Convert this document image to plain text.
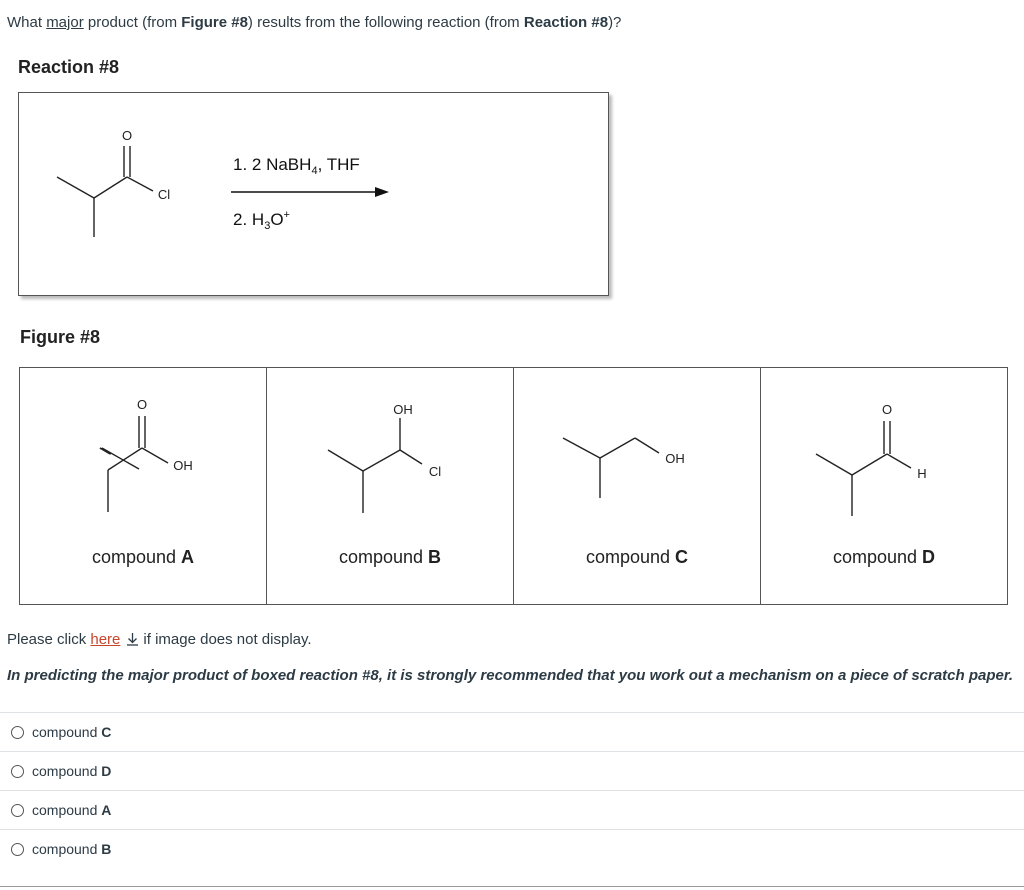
What major product (from Figure #8) results from the following reaction (from Reaction #8)?
Reaction #8
O
Cl
1. 2 NaBH$_4$, THF
2. $H_3O^+$
Figure #8
O
OH
compound A
OH
Cl
compound B
OH
compound C
O
H
compound D
Please click here if image does not display.
In predicting the major product of boxed reaction #8, it is strongly recommended that you work out a mechanism on a piece of scratch paper.
compound C
compound D
compound A
compound B
